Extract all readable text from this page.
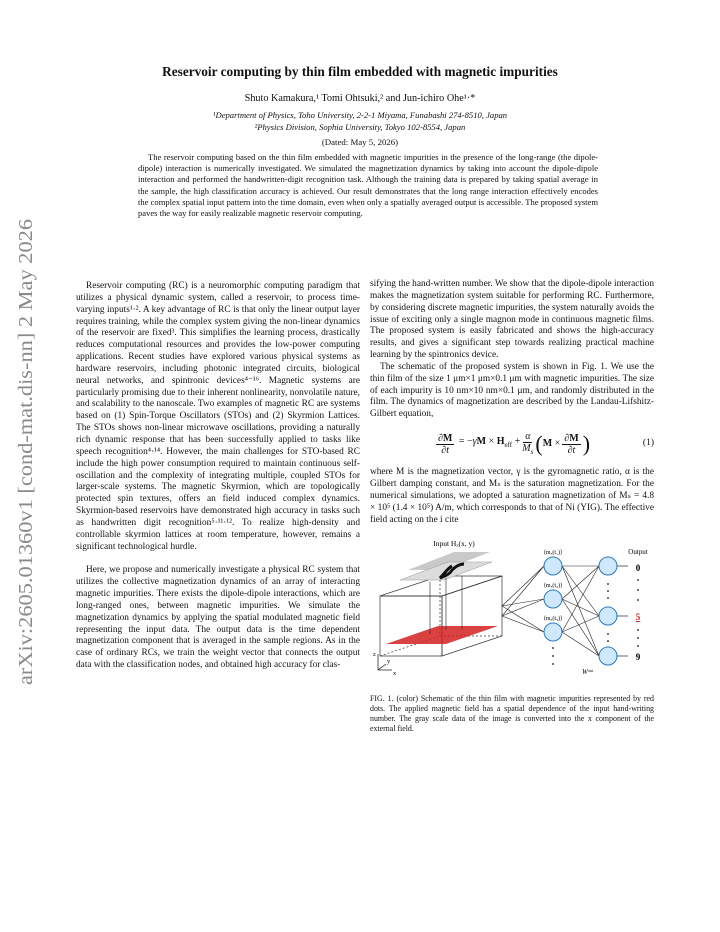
arXiv:2605.01360v1 [cond-mat.dis-nn] 2 May 2026
Reservoir computing by thin film embedded with magnetic impurities
Shuto Kamakura,¹ Tomi Ohtsuki,² and Jun-ichiro Ohe¹·*
¹Department of Physics, Toho University, 2-2-1 Miyama, Funabashi 274-8510, Japan
²Physics Division, Sophia University, Tokyo 102-8554, Japan
(Dated: May 5, 2026)
The reservoir computing based on the thin film embedded with magnetic impurities in the presence of the long-range (the dipole-dipole) interaction is numerically investigated. We simulated the magnetization dynamics by taking into account the dipole-dipole interaction and performed the handwritten-digit recognition task. Although the training data is prepared by taking spatial average in the sample, the high classification accuracy is achieved. Our result demonstrates that the long range interaction effectively encodes the complex spatial input pattern into the time domain, even when only a spatially averaged output is accessible. The proposed system paves the way for easily realizable magnetic reservoir computing.

Reservoir computing (RC) is a neuromorphic computing paradigm that utilizes a physical dynamic system, called a reservoir, to process time-varying inputs¹·². A key advantage of RC is that only the linear output layer requires training, while the complex system giving the non-linear dynamics of the reservoir are fixed³. This simplifies the learning process, drastically reduces computational resources and provides the low-power computing applications. Recent studies have explored various physical systems as hardware reservoirs, including photonic integrated circuits, biological neural networks, and spintronic devices⁴⁻¹⁶. Magnetic systems are particularly promising due to their inherent nonlinearity, nonvolatile nature, and scalability to the nanoscale. Two examples of magnetic RC are systems based on (1) Spin-Torque Oscillators (STOs) and (2) Skyrmion Lattices. The STOs shows non-linear microwave oscillations, providing a naturally rich dynamic response that has been successfully applied to tasks like speech recognition⁴·¹⁴. However, the main challenges for STO-based RC include the high power consumption required to maintain continuous self-oscillation and the complexity of integrating multiple, coupled STOs for larger-scale systems. The magnetic Skyrmion, which are topologically protected spin textures, offers an field induced complex dynamics. Skyrmion-based reservoirs have demonstrated high accuracy in tasks such as handwritten digit recognition⁵·¹¹·¹². To realize high-density and controllable skyrmion lattices at room temperature, however, remains a significant technological hurdle.

Here, we propose and numerically investigate a physical RC system that utilizes the collective magnetization dynamics of an array of interacting magnetic impurities. There exists the dipole-dipole interactions, which are long-ranged ones, between magnetic impurities. We simulate the magnetization dynamics by applying the spatial modulated magnetic field representing the input data. The output data is the time dependent magnetization component that is averaged in the sample regions. As in the case of ordinary RCs, we train the weight vector that connects the output data with the classification nodes, and obtained high accuracy for clas-

sifying the hand-written number. We show that the dipole-dipole interaction makes the magnetization system suitable for performing RC. Furthermore, by considering discrete magnetic impurities, the system naturally avoids the issue of exciting only a single magnon mode in continuous magnetic films. The proposed system is easily fabricated and shows the high-accuracy results, and gives a significant step towards realizing practical machine learning by the spintronics device.

The schematic of the proposed system is shown in Fig. 1. We use the thin film of the size 1 μm×1 μm×0.1 μm with magnetic impurities. The size of each impurity is 10 nm×10 nm×0.1 μm, and randomly distributed in the film. The dynamics of magnetization are described by the Landau-Lifshitz-Gilbert equation,

$\frac{\partial M}{\partial t} = -\gamma M \times H_{eff} + \frac{\alpha}{M_s}$ ( $M \times \frac{\partial M}{\partial t}$ )	(1)

where M is the magnetization vector, γ is the gyromagnetic ratio, α is the Gilbert damping constant, and Mₛ is the saturation magnetization. For the numerical simulations, we adopted a saturation magnetization of Mₛ = 4.8 × 10⁵ (1.4 × 10⁵) A/m, which corresponds to that of Ni (YIG). The effective field acting on the i cite

Input Hₓ(x, y)
z
y
x
⟨mₓ(t₁)⟩
⟨mₓ(t₂)⟩
⟨mₓ(t₃)⟩
Wᵒᵘᵗ
Output
0
5
9
FIG. 1. (color) Schematic of the thin film with magnetic impurities represented by red dots. The applied magnetic field has a spatial dependence of the input hand-writing number. The gray scale data of the image is converted into the x component of the external field.
